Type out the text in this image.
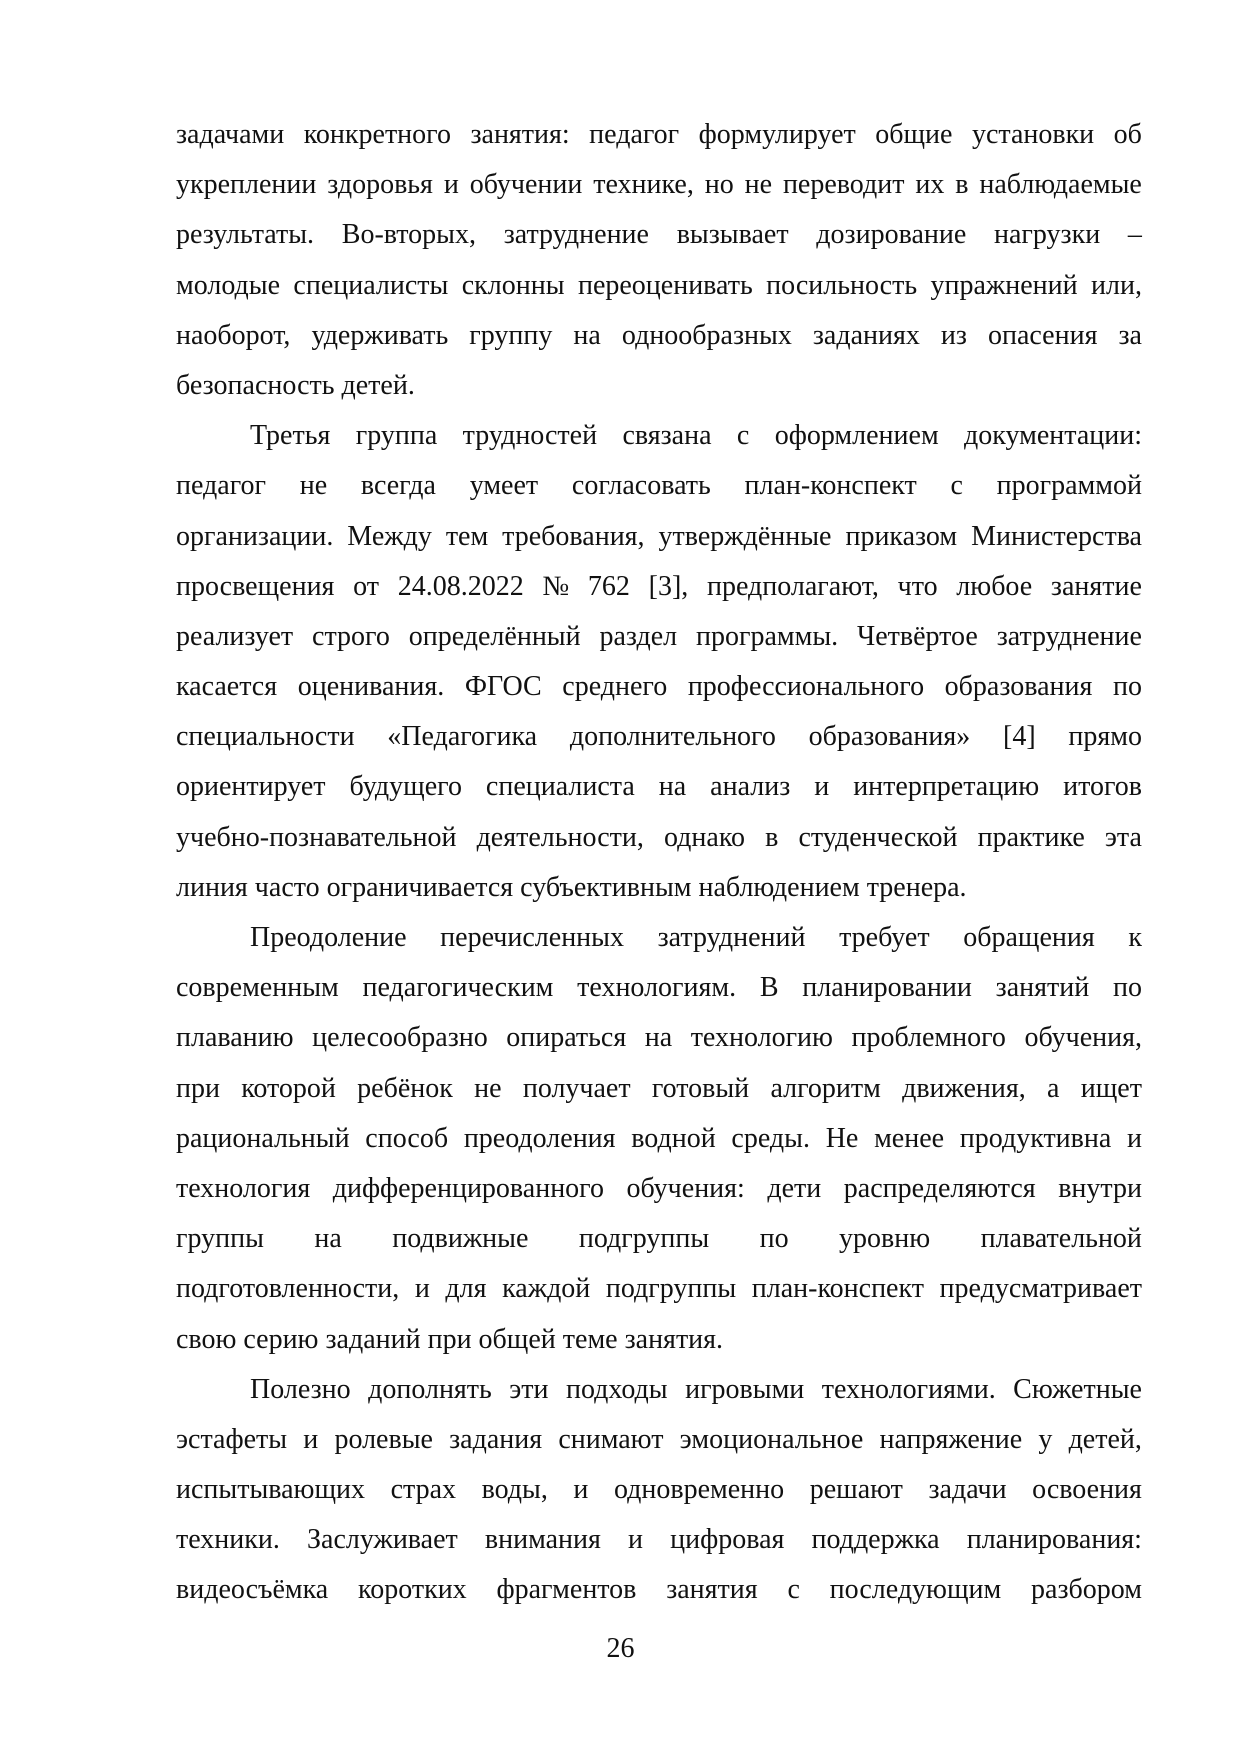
задачами конкретного занятия: педагог формулирует общие установки об
укреплении здоровья и обучении технике, но не переводит их в наблюдаемые
результаты. Во-вторых, затруднение вызывает дозирование нагрузки –
молодые специалисты склонны переоценивать посильность упражнений или,
наоборот, удерживать группу на однообразных заданиях из опасения за
безопасность детей.
Третья группа трудностей связана с оформлением документации:
педагог не всегда умеет согласовать план-конспект с программой
организации. Между тем требования, утверждённые приказом Министерства
просвещения от 24.08.2022 № 762 [3], предполагают, что любое занятие
реализует строго определённый раздел программы. Четвёртое затруднение
касается оценивания. ФГОС среднего профессионального образования по
специальности «Педагогика дополнительного образования» [4] прямо
ориентирует будущего специалиста на анализ и интерпретацию итогов
учебно-познавательной деятельности, однако в студенческой практике эта
линия часто ограничивается субъективным наблюдением тренера.
Преодоление перечисленных затруднений требует обращения к
современным педагогическим технологиям. В планировании занятий по
плаванию целесообразно опираться на технологию проблемного обучения,
при которой ребёнок не получает готовый алгоритм движения, а ищет
рациональный способ преодоления водной среды. Не менее продуктивна и
технология дифференцированного обучения: дети распределяются внутри
группы на подвижные подгруппы по уровню плавательной
подготовленности, и для каждой подгруппы план-конспект предусматривает
свою серию заданий при общей теме занятия.
Полезно дополнять эти подходы игровыми технологиями. Сюжетные
эстафеты и ролевые задания снимают эмоциональное напряжение у детей,
испытывающих страх воды, и одновременно решают задачи освоения
техники. Заслуживает внимания и цифровая поддержка планирования:
видеосъёмка коротких фрагментов занятия с последующим разбором
26
